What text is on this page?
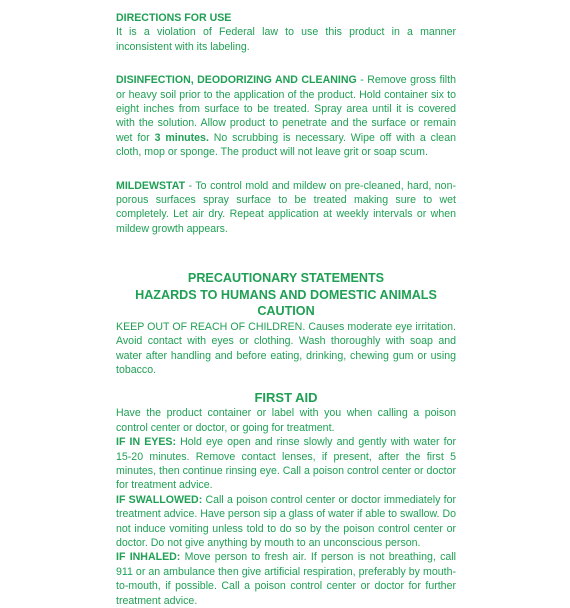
DIRECTIONS FOR USE
It is a violation of Federal law to use this product in a manner inconsistent with its labeling.

DISINFECTION, DEODORIZING AND CLEANING - Remove gross filth or heavy soil prior to the application of the product. Hold container six to eight inches from surface to be treated. Spray area until it is covered with the solution. Allow product to penetrate and the surface or remain wet for 3 minutes. No scrubbing is necessary. Wipe off with a clean cloth, mop or sponge. The product will not leave grit or soap scum.

MILDEWSTAT - To control mold and mildew on pre-cleaned, hard, non-porous surfaces spray surface to be treated making sure to wet completely. Let air dry. Repeat application at weekly intervals or when mildew growth appears.

PRECAUTIONARY STATEMENTS

HAZARDS TO HUMANS AND DOMESTIC ANIMALS

CAUTION

KEEP OUT OF REACH OF CHILDREN. Causes moderate eye irritation. Avoid contact with eyes or clothing. Wash thoroughly with soap and water after handling and before eating, drinking, chewing gum or using tobacco.

FIRST AID

Have the product container or label with you when calling a poison control center or doctor, or going for treatment.

IF IN EYES: Hold eye open and rinse slowly and gently with water for 15-20 minutes. Remove contact lenses, if present, after the first 5 minutes, then continue rinsing eye. Call a poison control center or doctor for treatment advice.

IF SWALLOWED: Call a poison control center or doctor immediately for treatment advice. Have person sip a glass of water if able to swallow. Do not induce vomiting unless told to do so by the poison control center or doctor. Do not give anything by mouth to an unconscious person.

IF INHALED: Move person to fresh air. If person is not breathing, call 911 or an ambulance then give artificial respiration, preferably by mouth-to-mouth, if possible. Call a poison control center or doctor for further treatment advice.
